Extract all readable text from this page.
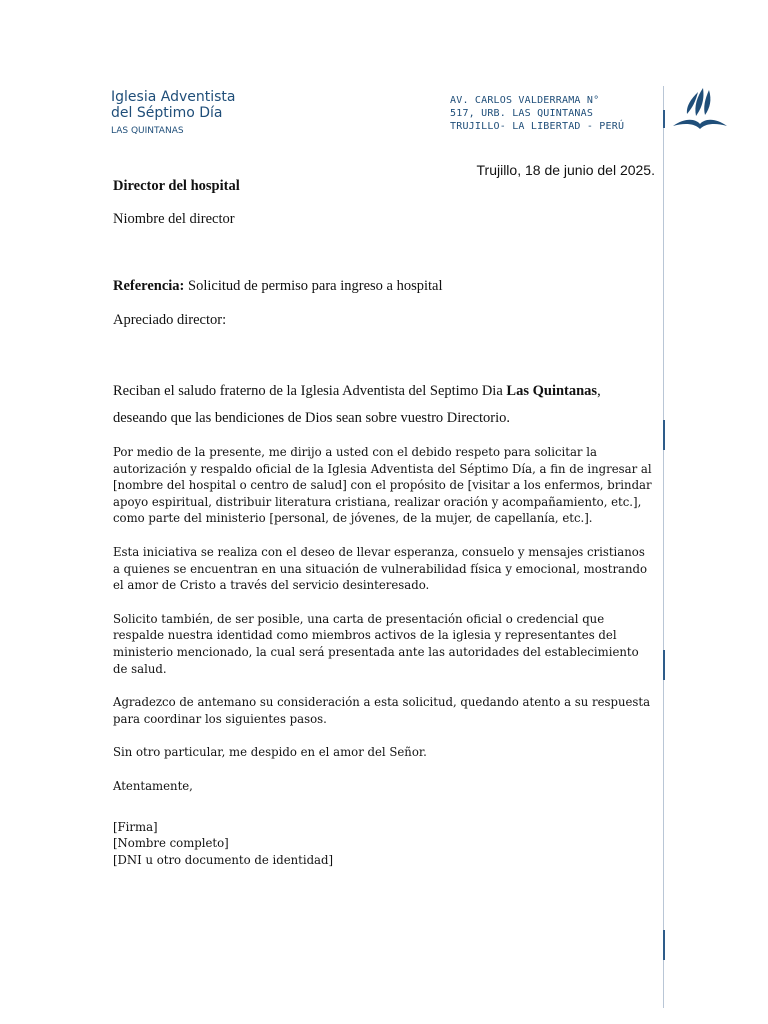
Iglesia Adventista
del Séptimo Día
LAS QUINTANAS
AV. CARLOS VALDERRAMA N°
517, URB. LAS QUINTANAS
TRUJILLO- LA LIBERTAD - PERÚ
Trujillo, 18 de junio del 2025.
Director del hospital
Niombre del director
Referencia: Solicitud de permiso para ingreso a hospital
Apreciado director:
Reciban el saludo fraterno de la Iglesia Adventista del Septimo Dia Las Quintanas, deseando que las bendiciones de Dios sean sobre vuestro Directorio.

Por medio de la presente, me dirijo a usted con el debido respeto para solicitar la autorización y respaldo oficial de la Iglesia Adventista del Séptimo Día, a fin de ingresar al [nombre del hospital o centro de salud] con el propósito de [visitar a los enfermos, brindar apoyo espiritual, distribuir literatura cristiana, realizar oración y acompañamiento, etc.], como parte del ministerio [personal, de jóvenes, de la mujer, de capellanía, etc.].

Esta iniciativa se realiza con el deseo de llevar esperanza, consuelo y mensajes cristianos a quienes se encuentran en una situación de vulnerabilidad física y emocional, mostrando el amor de Cristo a través del servicio desinteresado.

Solicito también, de ser posible, una carta de presentación oficial o credencial que respalde nuestra identidad como miembros activos de la iglesia y representantes del ministerio mencionado, la cual será presentada ante las autoridades del establecimiento de salud.

Agradezco de antemano su consideración a esta solicitud, quedando atento a su respuesta para coordinar los siguientes pasos.

Sin otro particular, me despido en el amor del Señor.

Atentamente,

[Firma]
[Nombre completo]
[DNI u otro documento de identidad]
